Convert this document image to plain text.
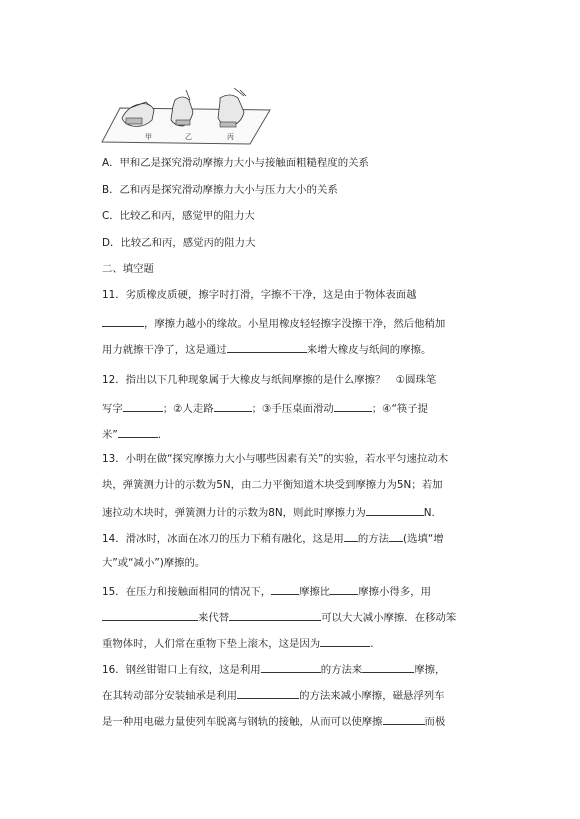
甲	乙	丙
A．甲和乙是探究滑动摩擦力大小与接触面粗糙程度的关系
B．乙和丙是探究滑动摩擦力大小与压力大小的关系
C．比较乙和丙，感觉甲的阻力大
D．比较乙和丙，感觉丙的阻力大
二、填空题
11．劣质橡皮质硬，擦字时打滑，字擦不干净，这是由于物体表面越
，摩擦力越小的缘故。小星用橡皮轻轻擦字没擦干净，然后他稍加
用力就擦干净了，这是通过	来增大橡皮与纸间的摩擦。
12．指出以下几种现象属于大橡皮与纸间摩擦的是什么摩擦？　①圆珠笔
写字	；②人走路	；③手压桌面滑动	；④“筷子提
米”	.
13．小明在做“探究摩擦力大小与哪些因素有关”的实验，若水平匀速拉动木
块，弹簧测力计的示数为5N，由二力平衡知道木块受到摩擦力为5N；若加
速拉动木块时，弹簧测力计的示数为8N，则此时摩擦力为	N.
14．滑冰时，冰面在冰刀的压力下稍有融化，这是用 的方法 (选填“增
大”或“减小”)摩擦的。
15．在压力和接触面相同的情况下，	摩擦比	摩擦小得多，用
来代替	可以大大减小摩擦．在移动笨
重物体时，人们常在重物下垫上滚木，这是因为	.
16．钢丝钳钳口上有纹，这是利用	的方法来	摩擦，
在其转动部分安装轴承是利用	的方法来减小摩擦，磁悬浮列车
是一种用电磁力量使列车脱离与钢轨的接触，从而可以使摩擦	而极
